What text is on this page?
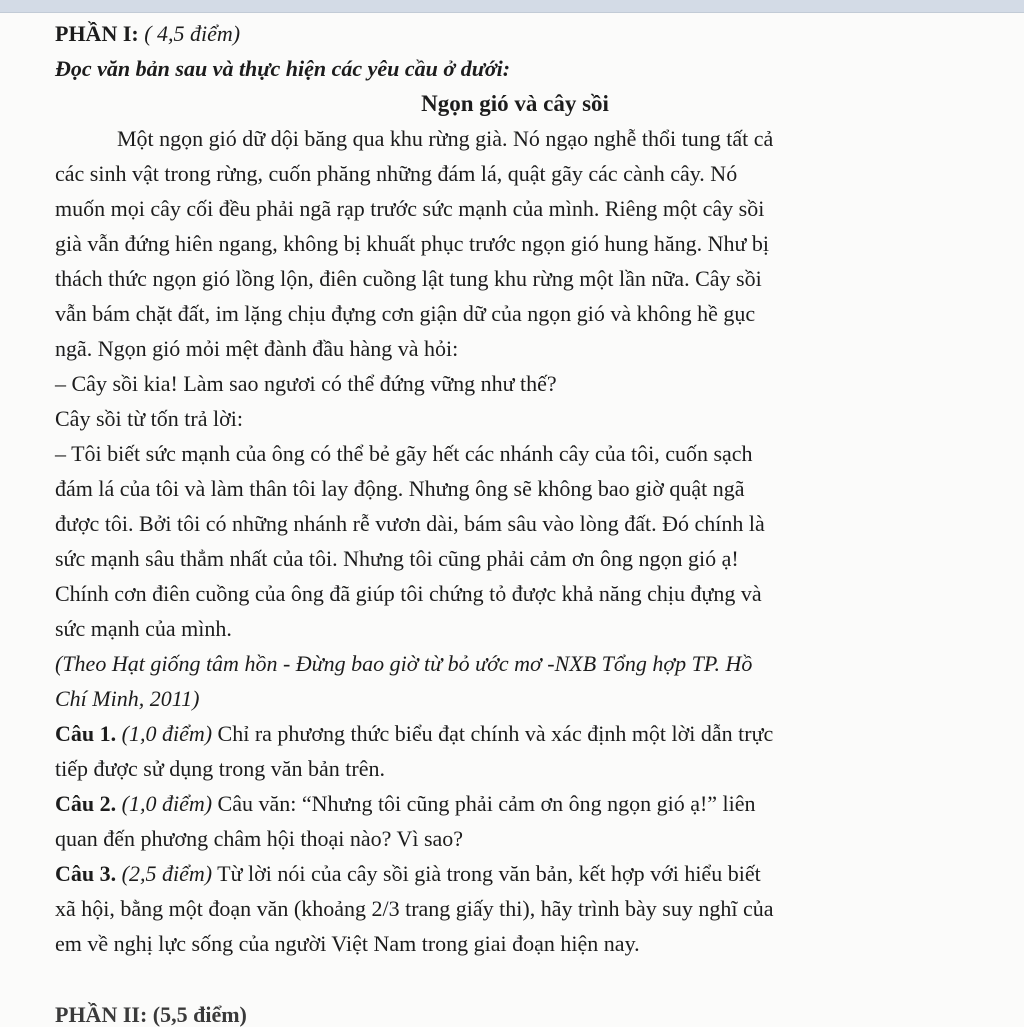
PHẦN I: ( 4,5 điểm)
Đọc văn bản sau và thực hiện các yêu cầu ở dưới:
Ngọn gió và cây sồi
Một ngọn gió dữ dội băng qua khu rừng già. Nó ngạo nghễ thổi tung tất cả
các sinh vật trong rừng, cuốn phăng những đám lá, quật gãy các cành cây. Nó
muốn mọi cây cối đều phải ngã rạp trước sức mạnh của mình. Riêng một cây sồi
già vẫn đứng hiên ngang, không bị khuất phục trước ngọn gió hung hăng. Như bị
thách thức ngọn gió lồng lộn, điên cuồng lật tung khu rừng một lần nữa. Cây sồi
vẫn bám chặt đất, im lặng chịu đựng cơn giận dữ của ngọn gió và không hề gục
ngã. Ngọn gió mỏi mệt đành đầu hàng và hỏi:
– Cây sồi kia! Làm sao ngươi có thể đứng vững như thế?
Cây sồi từ tốn trả lời:
– Tôi biết sức mạnh của ông có thể bẻ gãy hết các nhánh cây của tôi, cuốn sạch
đám lá của tôi và làm thân tôi lay động. Nhưng ông sẽ không bao giờ quật ngã
được tôi. Bởi tôi có những nhánh rễ vươn dài, bám sâu vào lòng đất. Đó chính là
sức mạnh sâu thẳm nhất của tôi. Nhưng tôi cũng phải cảm ơn ông ngọn gió ạ!
Chính cơn điên cuồng của ông đã giúp tôi chứng tỏ được khả năng chịu đựng và
sức mạnh của mình.
(Theo Hạt giống tâm hồn - Đừng bao giờ từ bỏ ước mơ -NXB Tổng hợp TP. Hồ
Chí Minh, 2011)
Câu 1. (1,0 điểm) Chỉ ra phương thức biểu đạt chính và xác định một lời dẫn trực
tiếp được sử dụng trong văn bản trên.
Câu 2. (1,0 điểm) Câu văn: “Nhưng tôi cũng phải cảm ơn ông ngọn gió ạ!” liên
quan đến phương châm hội thoại nào? Vì sao?
Câu 3. (2,5 điểm) Từ lời nói của cây sồi già trong văn bản, kết hợp với hiểu biết
xã hội, bằng một đoạn văn (khoảng 2/3 trang giấy thi), hãy trình bày suy nghĩ của
em về nghị lực sống của người Việt Nam trong giai đoạn hiện nay.
PHẦN II: (5,5 điểm)
